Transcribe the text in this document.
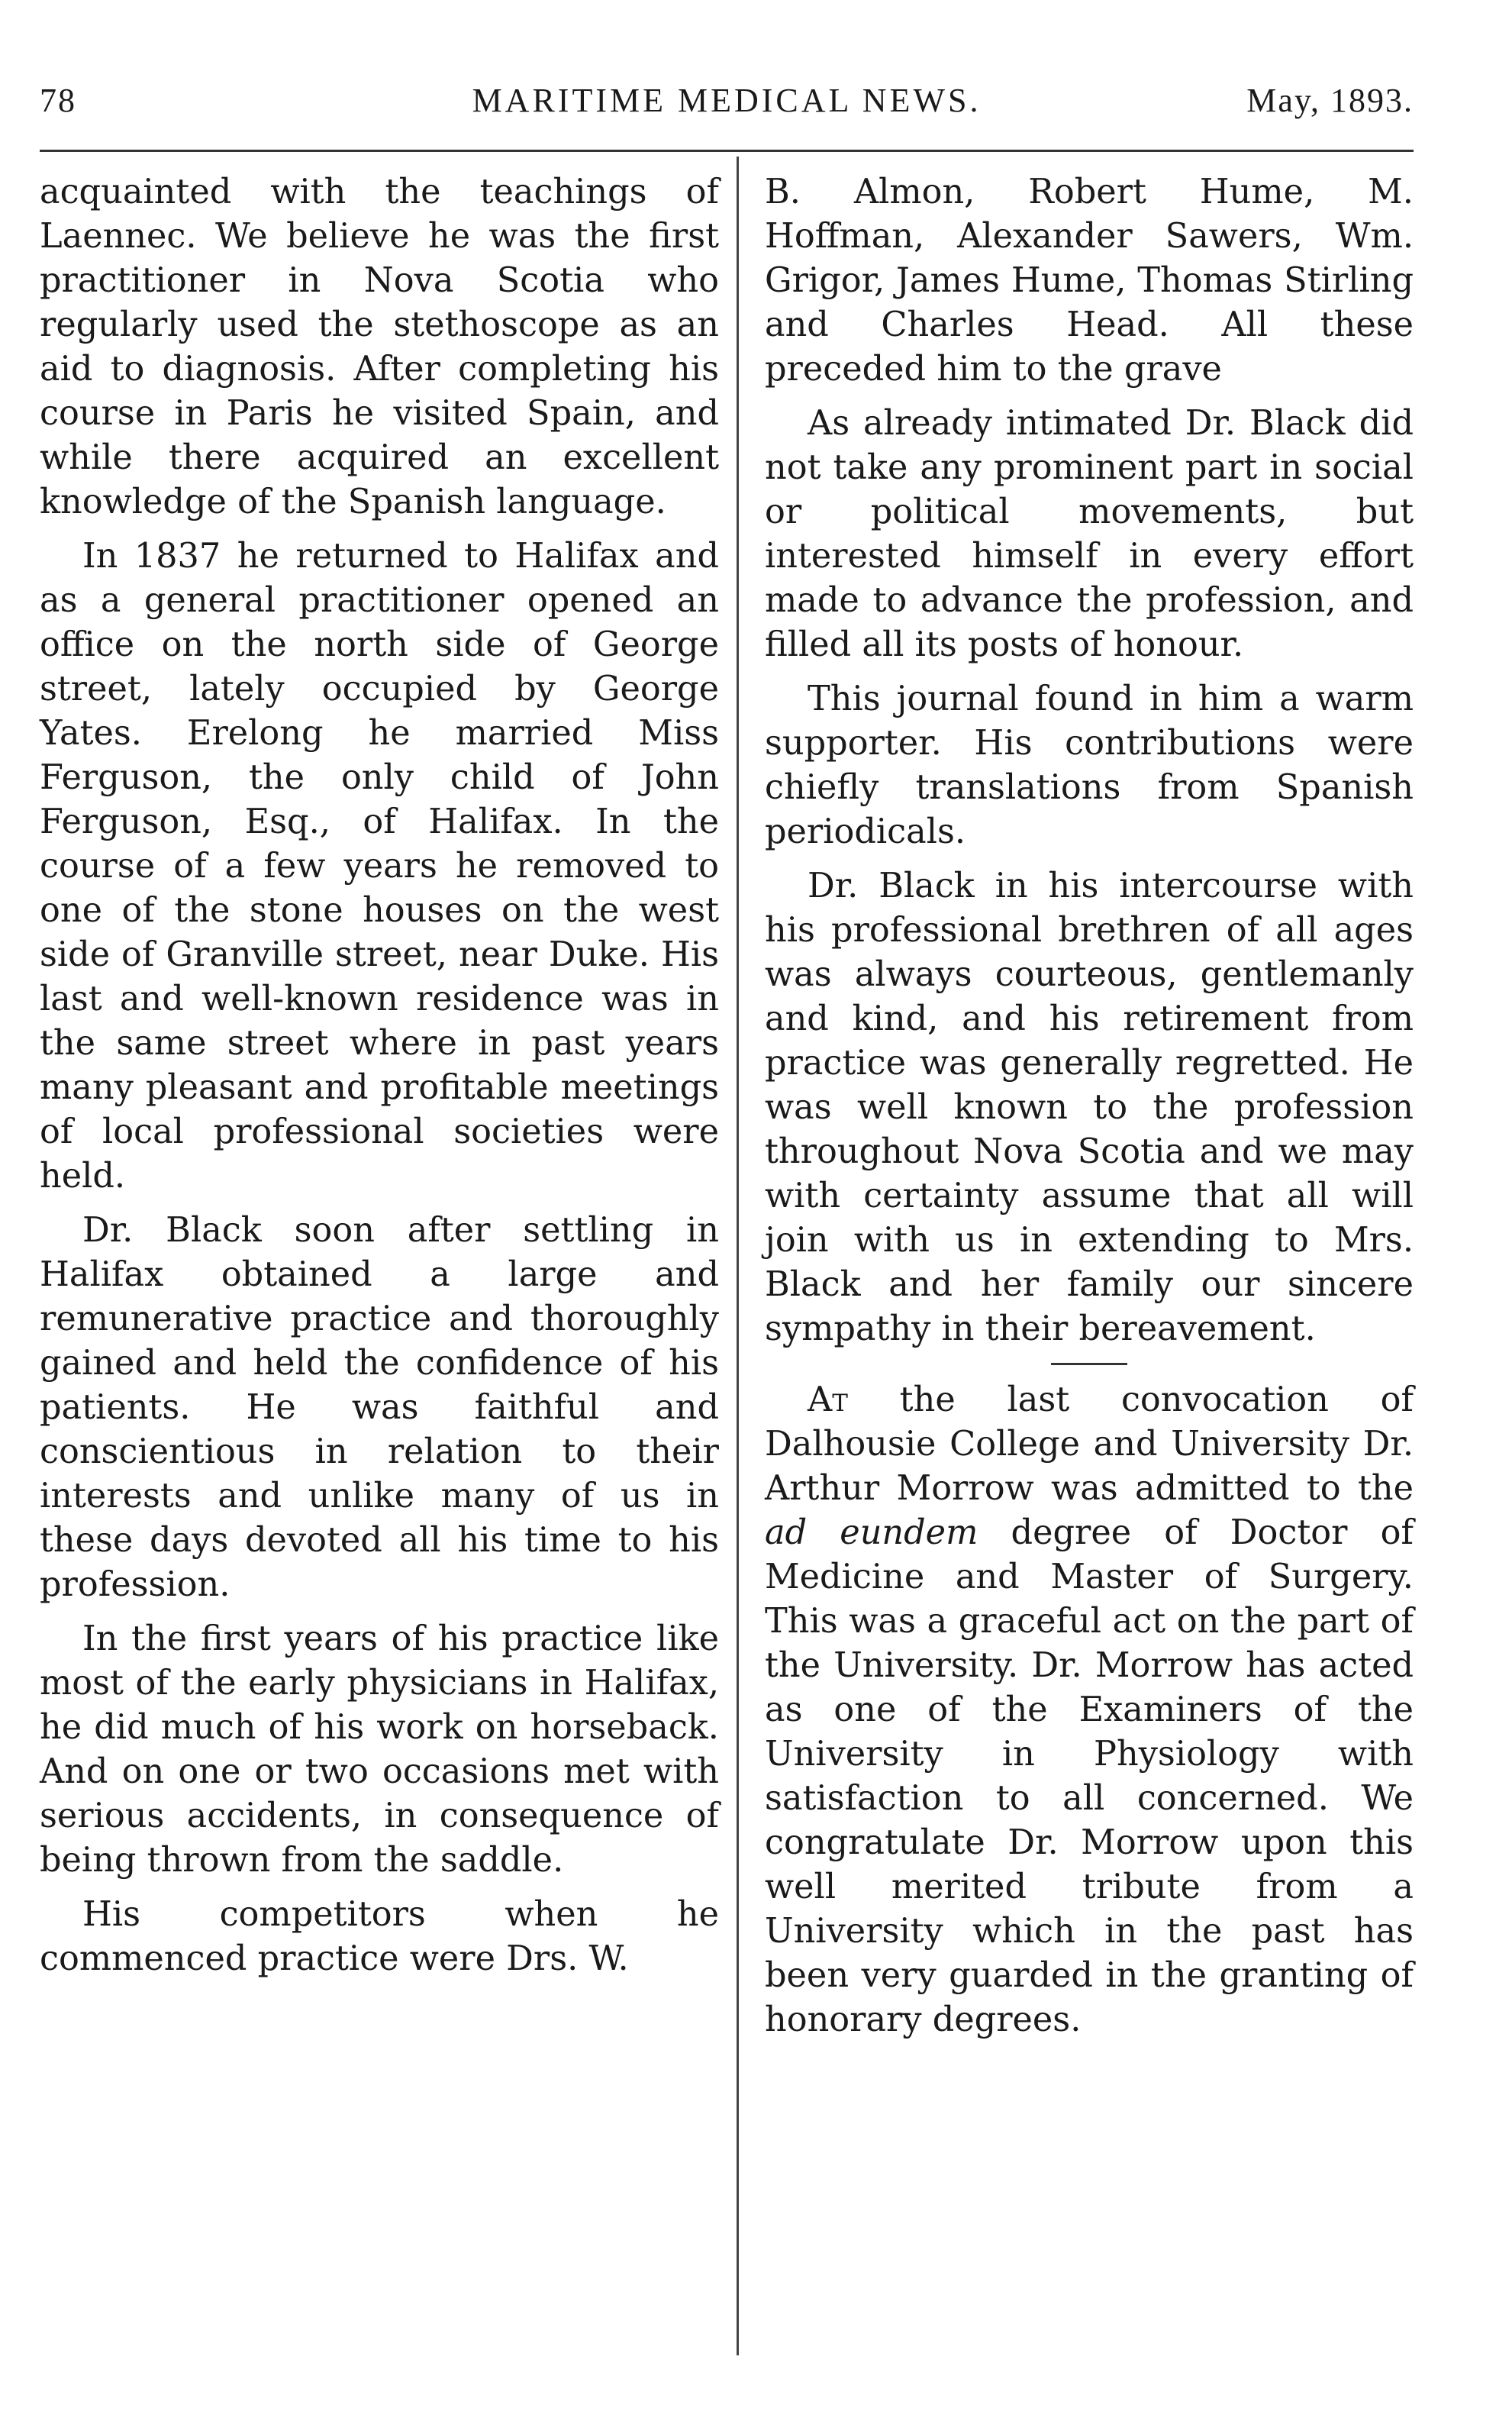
78	MARITIME MEDICAL NEWS.	May, 1893.

acquainted with the teachings of Laennec. We believe he was the first practitioner in Nova Scotia who regularly used the stethoscope as an aid to diagnosis. After completing his course in Paris he visited Spain, and while there acquired an excellent knowledge of the Spanish language.

In 1837 he returned to Halifax and as a general practitioner opened an office on the north side of George street, lately occupied by George Yates. Erelong he married Miss Ferguson, the only child of John Ferguson, Esq., of Halifax. In the course of a few years he removed to one of the stone houses on the west side of Granville street, near Duke. His last and well-known residence was in the same street where in past years many pleasant and profitable meetings of local professional societies were held.

Dr. Black soon after settling in Halifax obtained a large and remunerative practice and thoroughly gained and held the confidence of his patients. He was faithful and conscientious in relation to their interests and unlike many of us in these days devoted all his time to his profession.

In the first years of his practice like most of the early physicians in Halifax, he did much of his work on horseback. And on one or two occasions met with serious accidents, in consequence of being thrown from the saddle.

His competitors when he commenced practice were Drs. W.

B. Almon, Robert Hume, M. Hoffman, Alexander Sawers, Wm. Grigor, James Hume, Thomas Stirling and Charles Head. All these preceded him to the grave

As already intimated Dr. Black did not take any prominent part in social or political movements, but interested himself in every effort made to advance the profession, and filled all its posts of honour.

This journal found in him a warm supporter. His contributions were chiefly translations from Spanish periodicals.

Dr. Black in his intercourse with his professional brethren of all ages was always courteous, gentlemanly and kind, and his retirement from practice was generally regretted. He was well known to the profession throughout Nova Scotia and we may with certainty assume that all will join with us in extending to Mrs. Black and her family our sincere sympathy in their bereavement.

At the last convocation of Dalhousie College and University Dr. Arthur Morrow was admitted to the ad eundem degree of Doctor of Medicine and Master of Surgery. This was a graceful act on the part of the University. Dr. Morrow has acted as one of the Examiners of the University in Physiology with satisfaction to all concerned. We congratulate Dr. Morrow upon this well merited tribute from a University which in the past has been very guarded in the granting of honorary degrees.
